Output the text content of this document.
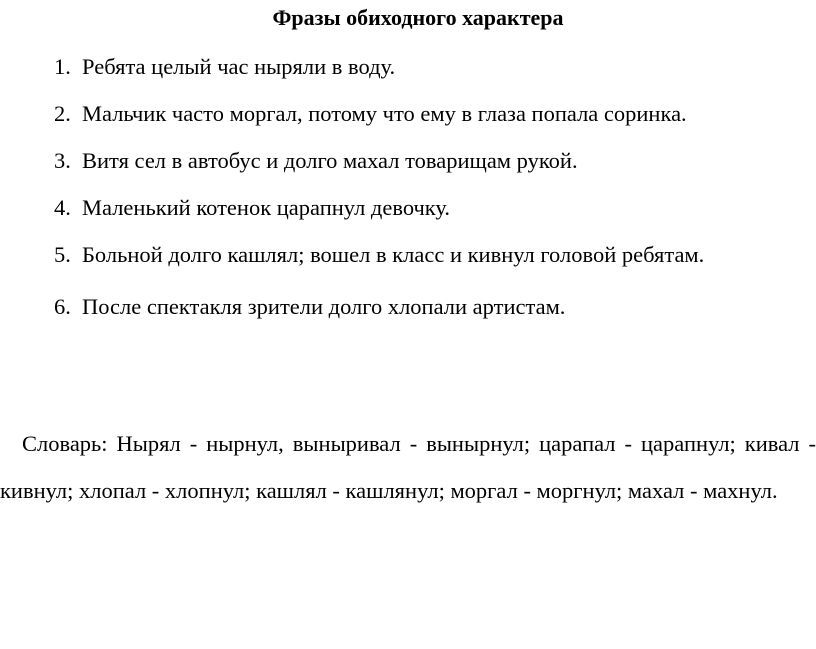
Фразы обиходного характера
1. Ребята целый час ныряли в воду.
2. Мальчик часто моргал, потому что ему в глаза попала соринка.
3. Витя сел в автобус и долго махал товарищам рукой.
4. Маленький котенок царапнул девочку.
5. Больной долго кашлял; вошел в класс и кивнул головой ребятам.
6. После спектакля зрители долго хлопали артистам.

Словарь: Нырял - нырнул, выныривал - вынырнул; царапал - царапнул; кивал - кивнул; хлопал - хлопнул; кашлял - кашлянул; моргал - моргнул; махал - махнул.
